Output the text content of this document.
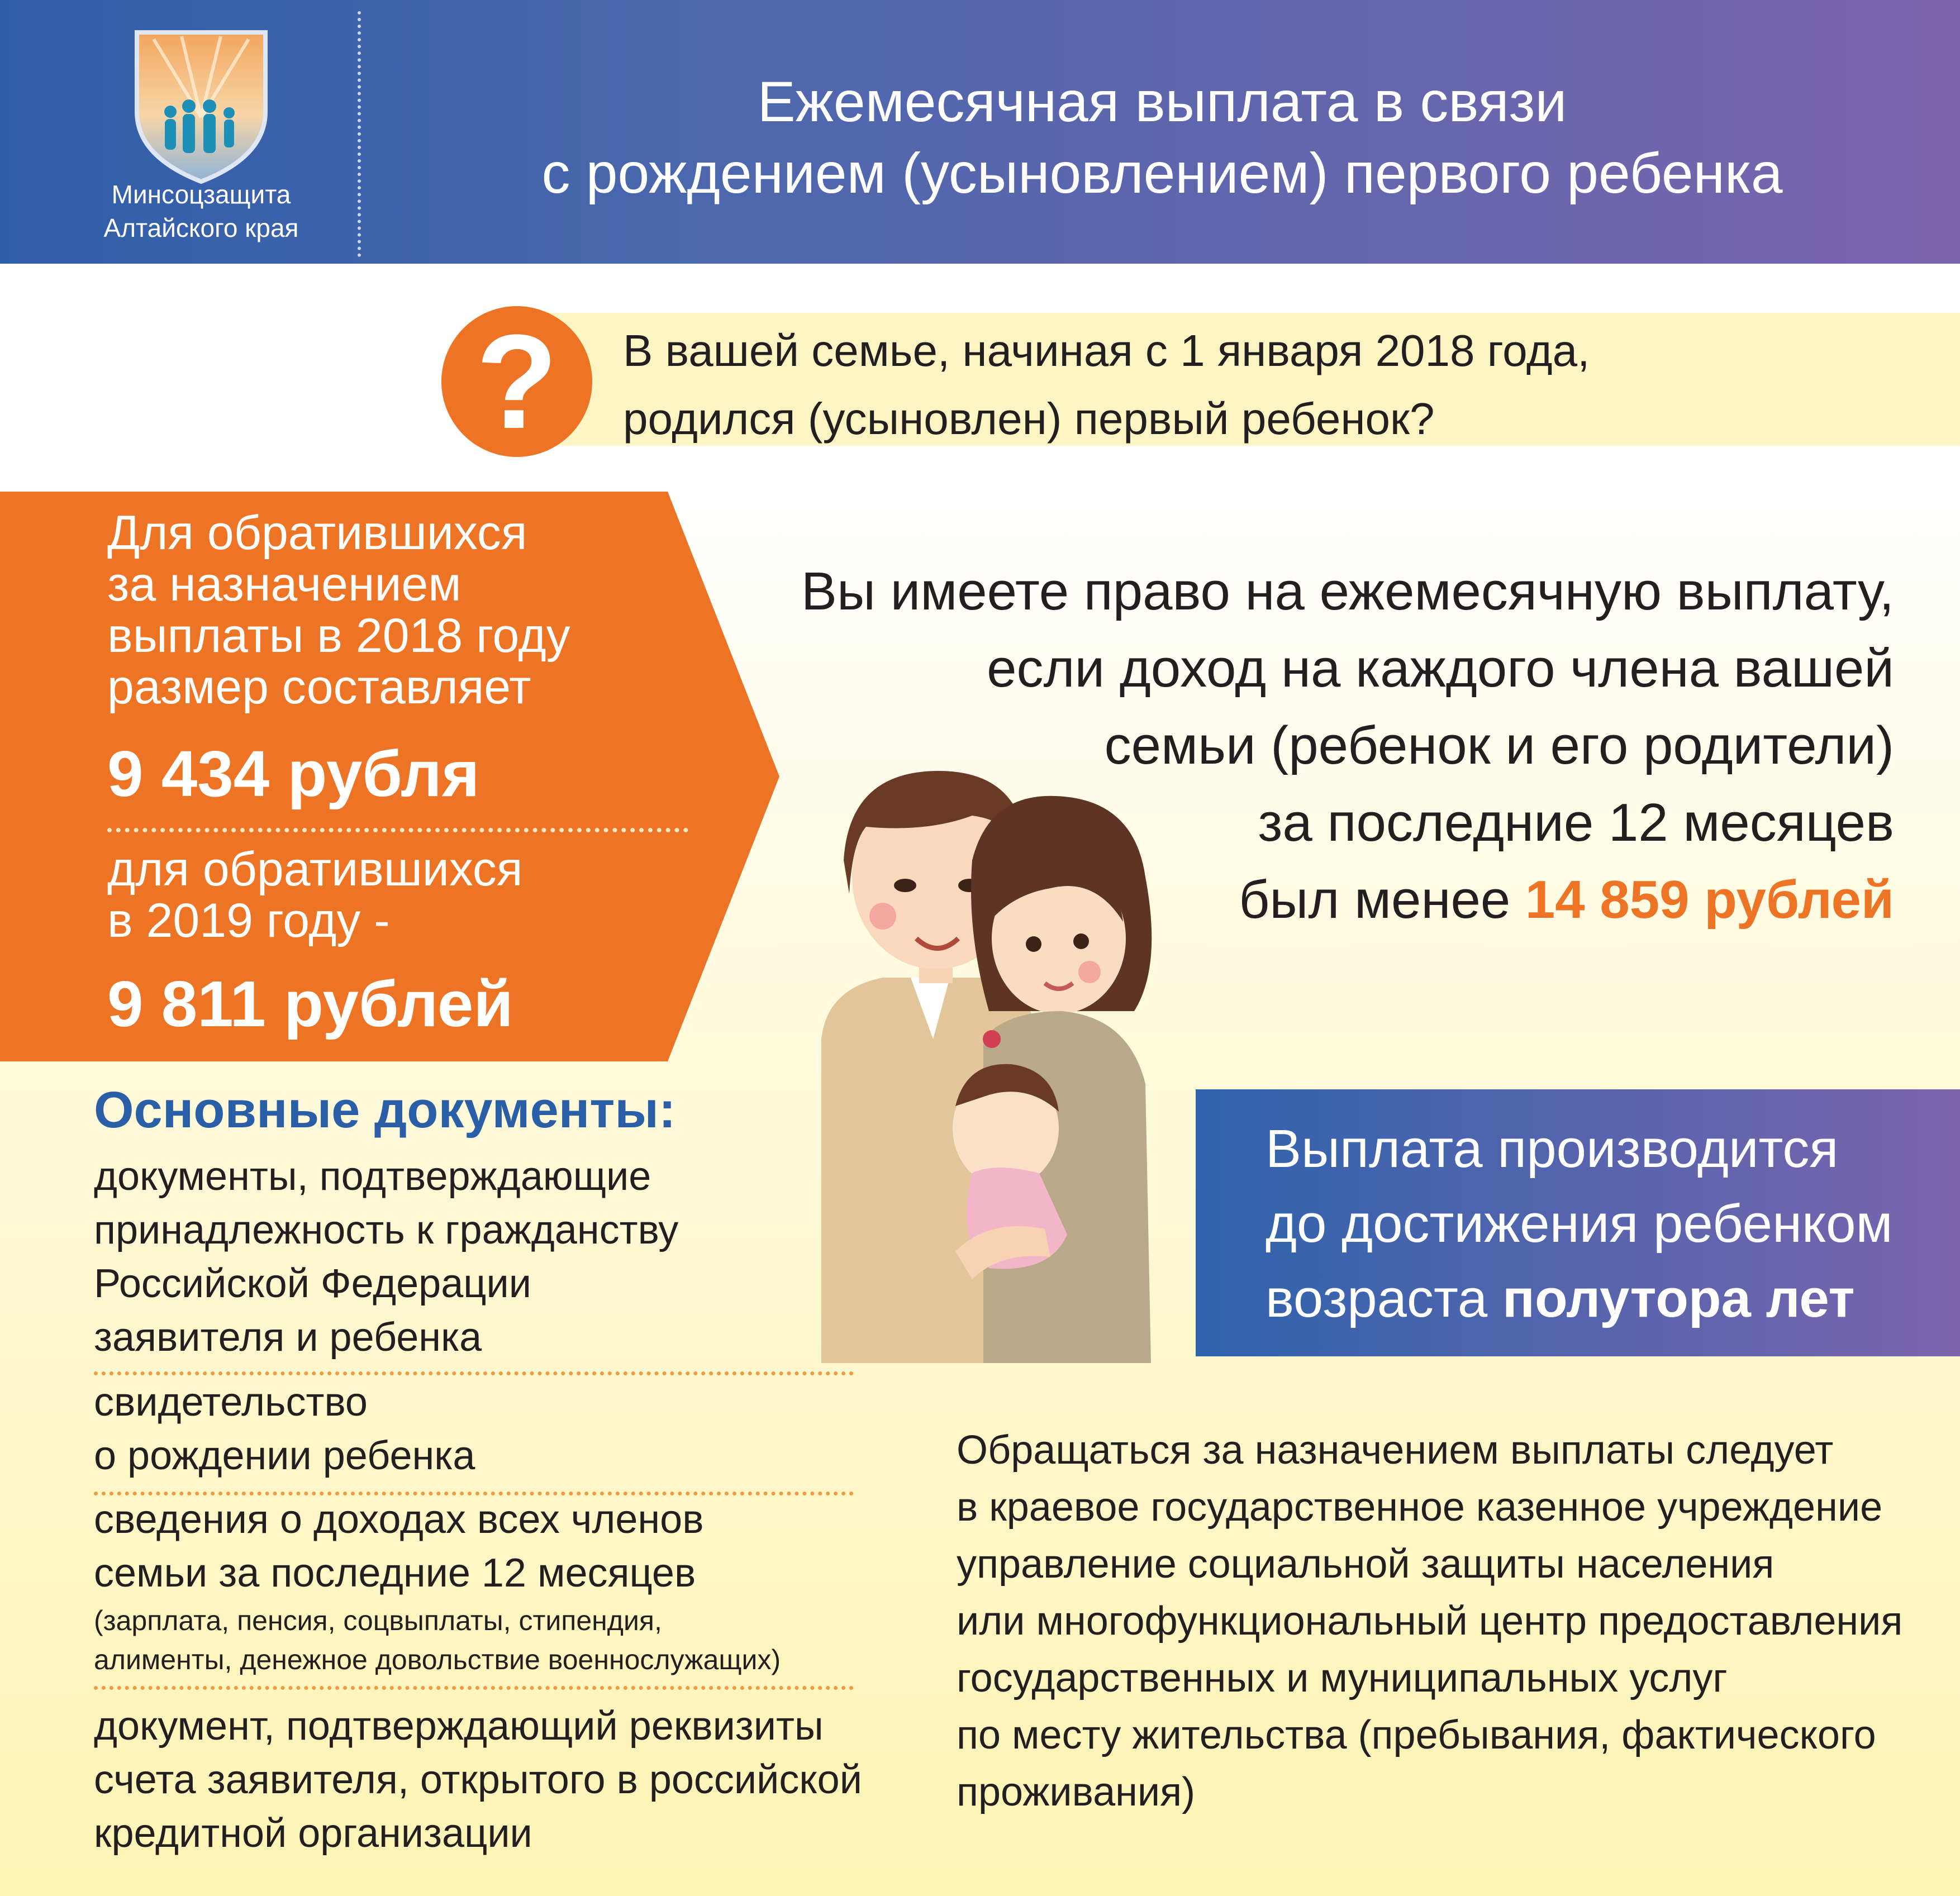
Минсоцзащита
Алтайского края
Ежемесячная выплата в связи
с рождением (усыновлением) первого ребенка
?	В вашей семье, начиная с 1 января 2018 года,
родился (усыновлен) первый ребенок?
Для обратившихся
за назначением
выплаты в 2018 году
размер составляет
9 434 рубля
для обратившихся
в 2019 году -
9 811 рублей
Вы имеете право на ежемесячную выплату,
если доход на каждого члена вашей
семьи (ребенок и его родители)
за последние 12 месяцев
был менее 14 859 рублей
Выплата производится
до достижения ребенком
возраста полутора лет
Основные документы:
документы, подтверждающие
принадлежность к гражданству
Российской Федерации
заявителя и ребенка
свидетельство
о рождении ребенка
сведения о доходах всех членов
семьи за последние 12 месяцев
(зарплата, пенсия, соцвыплаты, стипендия,
алименты, денежное довольствие военнослужащих)
документ, подтверждающий реквизиты
счета заявителя, открытого в российской
кредитной организации
Обращаться за назначением выплаты следует
в краевое государственное казенное учреждение
управление социальной защиты населения
или многофункциональный центр предоставления
государственных и муниципальных услуг
по месту жительства (пребывания, фактического
проживания)
